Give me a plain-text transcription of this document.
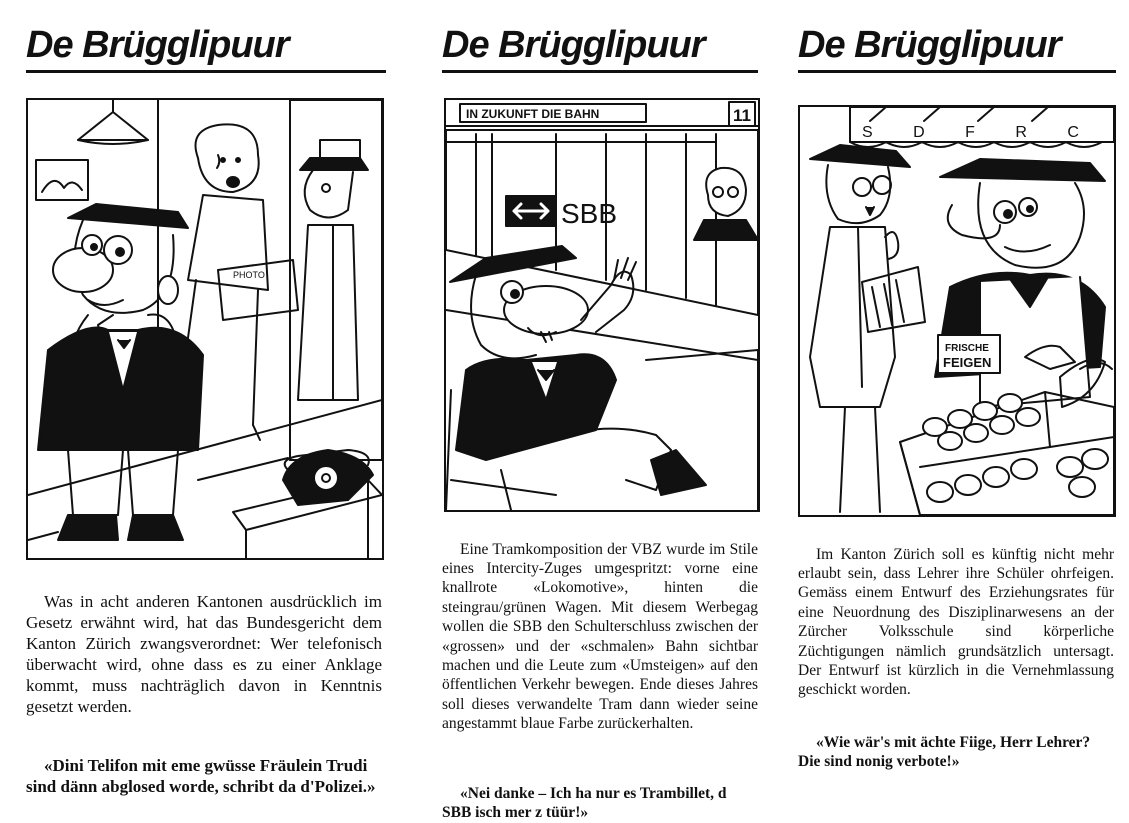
De Brügglipuur
PHOTO

Was in acht anderen Kantonen ausdrücklich im Gesetz erwähnt wird, hat das Bundesgericht dem Kanton Zürich zwangsverordnet: Wer telefonisch überwacht wird, ohne dass es zu einer Anklage kommt, muss nachträglich davon in Kenntnis gesetzt werden.

«Dini Telifon mit eme gwüsse Fräulein Trudi sind dänn abglosed worde, schribt da d'Polizei.»

De Brügglipuur
IN ZUKUNFT DIE BAHN	11
SBB

Eine Tramkomposition der VBZ wurde im Stile eines Intercity-Zuges umgespritzt: vorne eine knallrote «Lokomotive», hinten die steingrau/grünen Wagen. Mit diesem Werbegag wollen die SBB den Schulterschluss zwischen der «grossen» und der «schmalen» Bahn sichtbar machen und die Leute zum «Umsteigen» auf den öffentlichen Verkehr bewegen. Ende dieses Jahres soll dieses verwandelte Tram dann wieder seine angestammt blaue Farbe zurückerhalten.

«Nei danke – Ich ha nur es Trambillet, d SBB isch mer z tüür!»

De Brügglipuur
S D F R C
FRISCHE
FEIGEN

Im Kanton Zürich soll es künftig nicht mehr erlaubt sein, dass Lehrer ihre Schüler ohrfeigen. Gemäss einem Entwurf des Erziehungsrates für eine Neuordnung des Disziplinarwesens an der Zürcher Volksschule sind körperliche Züchtigungen nämlich grundsätzlich untersagt. Der Entwurf ist kürzlich in die Vernehmlassung geschickt worden.

«Wie wär's mit ächte Fiige, Herr Lehrer? Die sind nonig verbote!»
